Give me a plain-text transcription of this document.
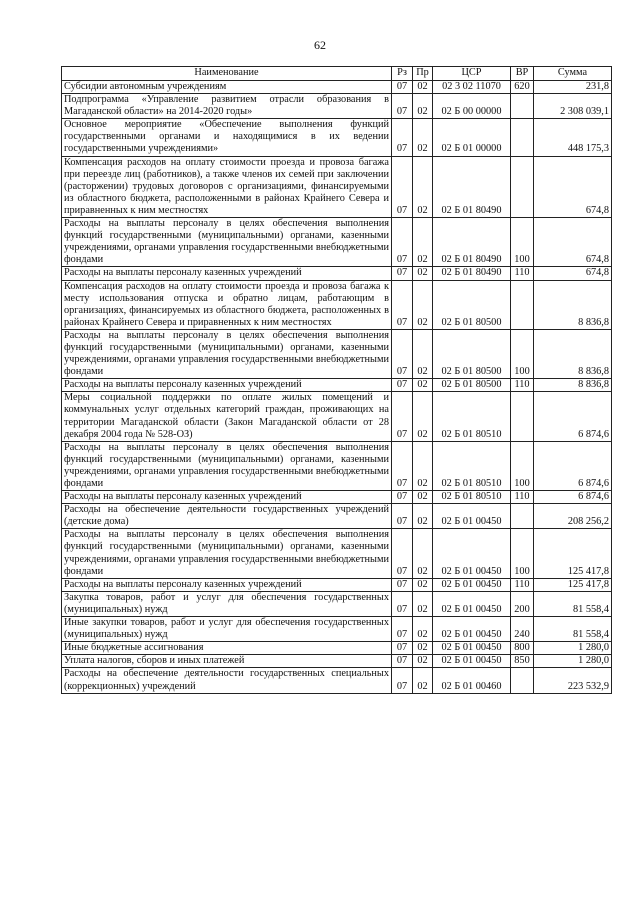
62
Наименование	Рз	Пр	ЦСР	ВР	Сумма
Субсидии автономным учреждениям	07	02	02 3 02 11070	620	231,8
Подпрограмма «Управление развитием отрасли образования в Магаданской области» на 2014-2020 годы»	07	02	02 Б 00 00000		2 308 039,1
Основное мероприятие «Обеспечение выполнения функций государственными органами и находящимися в их ведении государственными учреждениями»	07	02	02 Б 01 00000		448 175,3
Компенсация расходов на оплату стоимости проезда и провоза багажа при переезде лиц (работников), а также членов их семей при заключении (расторжении) трудовых договоров с организациями, финансируемыми из областного бюджета, расположенными в районах Крайнего Севера и приравненных к ним местностях	07	02	02 Б 01 80490		674,8
Расходы на выплаты персоналу в целях обеспечения выполнения функций государственными (муниципальными) органами, казенными учреждениями, органами управления государственными внебюджетными фондами	07	02	02 Б 01 80490	100	674,8
Расходы на выплаты персоналу казенных учреждений	07	02	02 Б 01 80490	110	674,8
Компенсация расходов на оплату стоимости проезда и провоза багажа к месту использования отпуска и обратно лицам, работающим в организациях, финансируемых из областного бюджета, расположенных в районах Крайнего Севера и приравненных к ним местностях	07	02	02 Б 01 80500		8 836,8
Расходы на выплаты персоналу в целях обеспечения выполнения функций государственными (муниципальными) органами, казенными учреждениями, органами управления государственными внебюджетными фондами	07	02	02 Б 01 80500	100	8 836,8
Расходы на выплаты персоналу казенных учреждений	07	02	02 Б 01 80500	110	8 836,8
Меры социальной поддержки по оплате жилых помещений и коммунальных услуг отдельных категорий граждан, проживающих на территории Магаданской области (Закон Магаданской области от 28 декабря 2004 года № 528-ОЗ)	07	02	02 Б 01 80510		6 874,6
Расходы на выплаты персоналу в целях обеспечения выполнения функций государственными (муниципальными) органами, казенными учреждениями, органами управления государственными внебюджетными фондами	07	02	02 Б 01 80510	100	6 874,6
Расходы на выплаты персоналу казенных учреждений	07	02	02 Б 01 80510	110	6 874,6
Расходы на обеспечение деятельности государственных учреждений (детские дома)	07	02	02 Б 01 00450		208 256,2
Расходы на выплаты персоналу в целях обеспечения выполнения функций государственными (муниципальными) органами, казенными учреждениями, органами управления государственными внебюджетными фондами	07	02	02 Б 01 00450	100	125 417,8
Расходы на выплаты персоналу казенных учреждений	07	02	02 Б 01 00450	110	125 417,8
Закупка товаров, работ и услуг для обеспечения государственных (муниципальных) нужд	07	02	02 Б 01 00450	200	81 558,4
Иные закупки товаров, работ и услуг для обеспечения государственных (муниципальных) нужд	07	02	02 Б 01 00450	240	81 558,4
Иные бюджетные ассигнования	07	02	02 Б 01 00450	800	1 280,0
Уплата налогов, сборов и иных платежей	07	02	02 Б 01 00450	850	1 280,0
Расходы на обеспечение деятельности государственных специальных (коррекционных) учреждений	07	02	02 Б 01 00460		223 532,9
